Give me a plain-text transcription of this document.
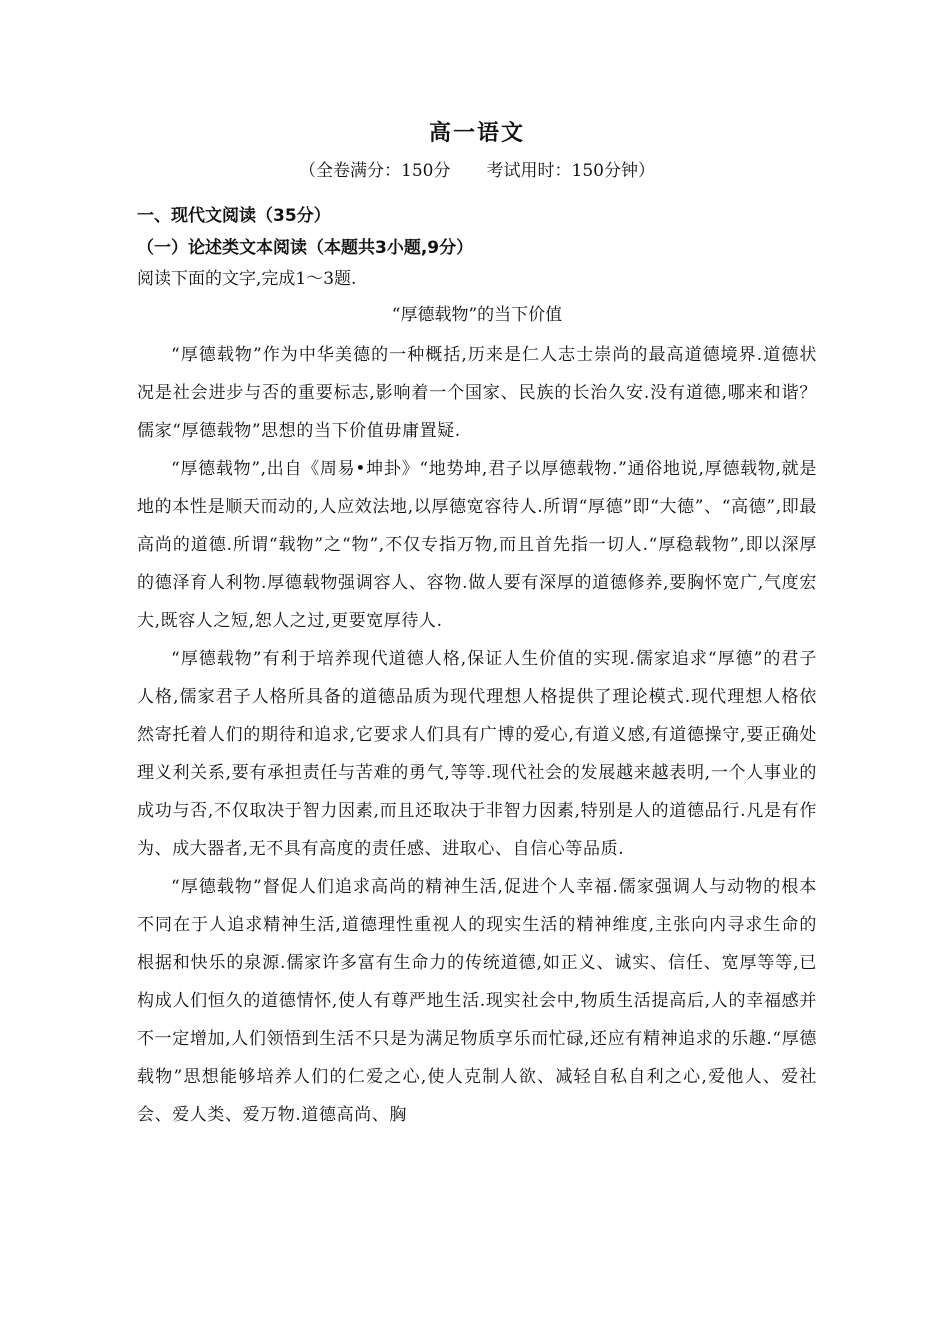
高一语文

（全卷满分：150分 考试用时：150分钟）

一、现代文阅读（35分）

（一）论述类文本阅读（本题共3小题,9分）

阅读下面的文字,完成1～3题.

“厚德载物”的当下价值

“厚德载物”作为中华美德的一种概括,历来是仁人志士崇尚的最高道德境界.道德状况是社会进步与否的重要标志,影响着一个国家、民族的长治久安.没有道德,哪来和谐？儒家“厚德载物”思想的当下价值毋庸置疑.

“厚德载物”,出自《周易•坤卦》“地势坤,君子以厚德载物.”通俗地说,厚德载物,就是地的本性是顺天而动的,人应效法地,以厚德宽容待人.所谓“厚德”即“大德”、“高德”,即最高尚的道德.所谓“载物”之“物”,不仅专指万物,而且首先指一切人.“厚稳载物”,即以深厚的德泽育人利物.厚德载物强调容人、容物.做人要有深厚的道德修养,要胸怀宽广,气度宏大,既容人之短,恕人之过,更要宽厚待人.

“厚德载物”有利于培养现代道德人格,保证人生价值的实现.儒家追求“厚德”的君子人格,儒家君子人格所具备的道德品质为现代理想人格提供了理论模式.现代理想人格依然寄托着人们的期待和追求,它要求人们具有广博的爱心,有道义感,有道德操守,要正确处理义利关系,要有承担责任与苦难的勇气,等等.现代社会的发展越来越表明,一个人事业的成功与否,不仅取决于智力因素,而且还取决于非智力因素,特别是人的道德品行.凡是有作为、成大器者,无不具有高度的责任感、进取心、自信心等品质.

“厚德载物”督促人们追求高尚的精神生活,促进个人幸福.儒家强调人与动物的根本不同在于人追求精神生活,道德理性重视人的现实生活的精神维度,主张向内寻求生命的根据和快乐的泉源.儒家许多富有生命力的传统道德,如正义、诚实、信任、宽厚等等,已构成人们恒久的道德情怀,使人有尊严地生活.现实社会中,物质生活提高后,人的幸福感并不一定增加,人们领悟到生活不只是为满足物质享乐而忙碌,还应有精神追求的乐趣.“厚德载物”思想能够培养人们的仁爱之心,使人克制人欲、减轻自私自利之心,爱他人、爱社会、爱人类、爱万物.道德高尚、胸
